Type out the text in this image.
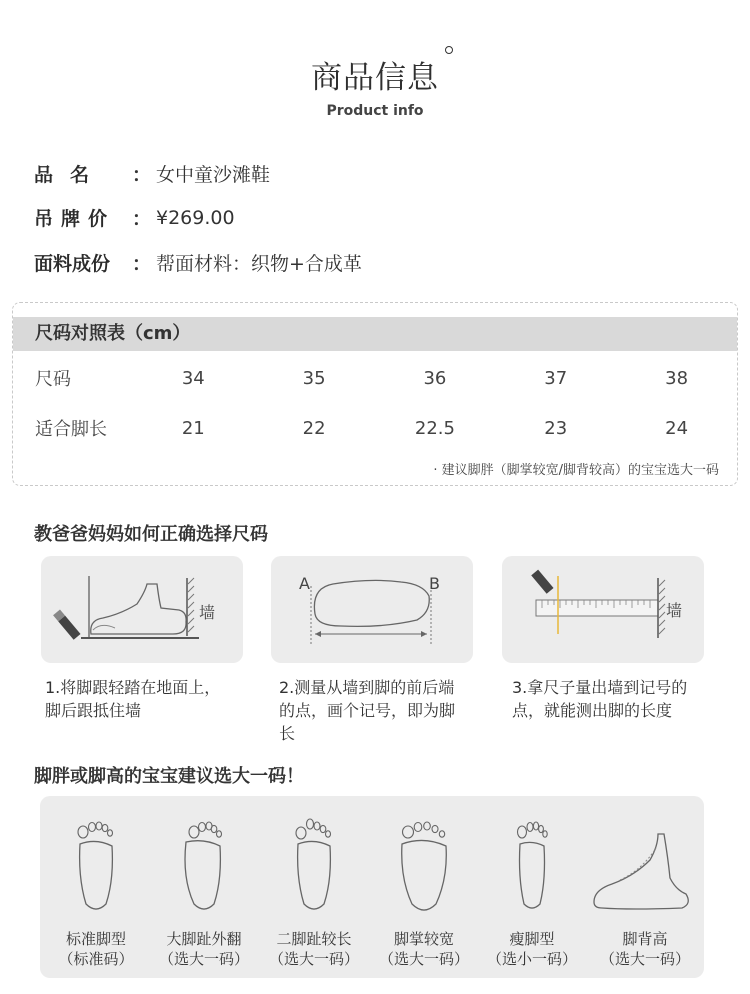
商品信息
Product info
品名	： 女中童沙滩鞋
吊牌价 ： ¥269.00
面料成份	： 帮面材料：织物+合成革
尺码对照表（cm）
尺码	34	35	36	37	38
适合脚长	21	22	22.5	23	24
· 建议脚胖（脚掌较宽/脚背较高）的宝宝选大一码
教爸爸妈妈如何正确选择尺码
墙
A	B
墙
1.将脚跟轻踏在地面上，脚后跟抵住墙
2.测量从墙到脚的前后端的点，画个记号，即为脚长
3.拿尺子量出墙到记号的点，就能测出脚的长度
脚胖或脚高的宝宝建议选大一码！
标准脚型
（标准码）
大脚趾外翻
（选大一码）
二脚趾较长
（选大一码）
脚掌较宽
（选大一码）
瘦脚型
（选小一码）
脚背高
（选大一码）
